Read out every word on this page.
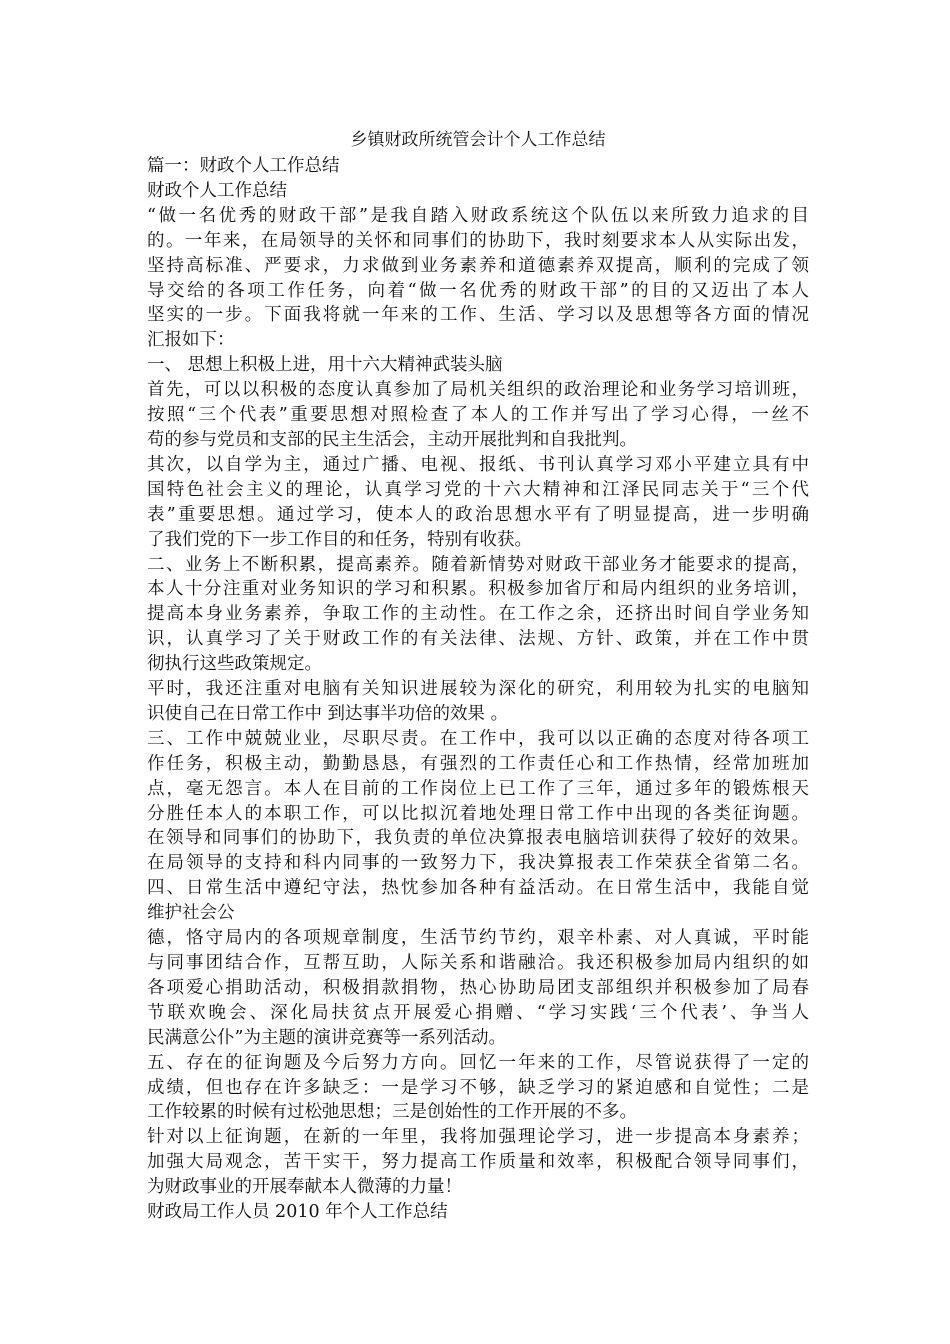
乡镇财政所统管会计个人工作总结

篇一：财政个人工作总结

财政个人工作总结

“做一名优秀的财政干部”是我自踏入财政系统这个队伍以来所致力追求的目

的。一年来，在局领导的关怀和同事们的协助下，我时刻要求本人从实际出发，

坚持高标准、严要求，力求做到业务素养和道德素养双提高，顺利的完成了领

导交给的各项工作任务，向着“做一名优秀的财政干部”的目的又迈出了本人

坚实的一步。下面我将就一年来的工作、生活、学习以及思想等各方面的情况

汇报如下：

一、 思想上积极上进，用十六大精神武装头脑

首先，可以以积极的态度认真参加了局机关组织的政治理论和业务学习培训班，

按照“三个代表”重要思想对照检查了本人的工作并写出了学习心得，一丝不

苟的参与党员和支部的民主生活会，主动开展批判和自我批判。

其次，以自学为主，通过广播、电视、报纸、书刊认真学习邓小平建立具有中

国特色社会主义的理论，认真学习党的十六大精神和江泽民同志关于“三个代

表”重要思想。通过学习，使本人的政治思想水平有了明显提高，进一步明确

了我们党的下一步工作目的和任务，特别有收获。

二、业务上不断积累，提高素养。随着新情势对财政干部业务才能要求的提高，

本人十分注重对业务知识的学习和积累。积极参加省厅和局内组织的业务培训，

提高本身业务素养，争取工作的主动性。在工作之余，还挤出时间自学业务知

识，认真学习了关于财政工作的有关法律、法规、方针、政策，并在工作中贯

彻执行这些政策规定。

平时，我还注重对电脑有关知识进展较为深化的研究，利用较为扎实的电脑知

识使自己在日常工作中 到达事半功倍的效果 。

三、工作中兢兢业业，尽职尽责。在工作中，我可以以正确的态度对待各项工

作任务，积极主动，勤勤恳恳，有强烈的工作责任心和工作热情，经常加班加

点，毫无怨言。本人在目前的工作岗位上已工作了三年，通过多年的锻炼根天

分胜任本人的本职工作，可以比拟沉着地处理日常工作中出现的各类征询题。

在领导和同事们的协助下，我负责的单位决算报表电脑培训获得了较好的效果。

在局领导的支持和科内同事的一致努力下，我决算报表工作荣获全省第二名。

四、日常生活中遵纪守法，热忱参加各种有益活动。在日常生活中，我能自觉

维护社会公

德，恪守局内的各项规章制度，生活节约节约，艰辛朴素、对人真诚，平时能

与同事团结合作，互帮互助，人际关系和谐融洽。我还积极参加局内组织的如

各项爱心捐助活动，积极捐款捐物，热心协助局团支部组织并积极参加了局春

节联欢晚会、深化局扶贫点开展爱心捐赠、“学习实践‘三个代表’、争当人

民满意公仆”为主题的演讲竞赛等一系列活动。

五、存在的征询题及今后努力方向。回忆一年来的工作，尽管说获得了一定的

成绩，但也存在许多缺乏：一是学习不够，缺乏学习的紧迫感和自觉性；二是

工作较累的时候有过松弛思想；三是创始性的工作开展的不多。

针对以上征询题，在新的一年里，我将加强理论学习，进一步提高本身素养；

加强大局观念，苦干实干，努力提高工作质量和效率，积极配合领导同事们，

为财政事业的开展奉献本人微薄的力量！

财政局工作人员 2010 年个人工作总结
